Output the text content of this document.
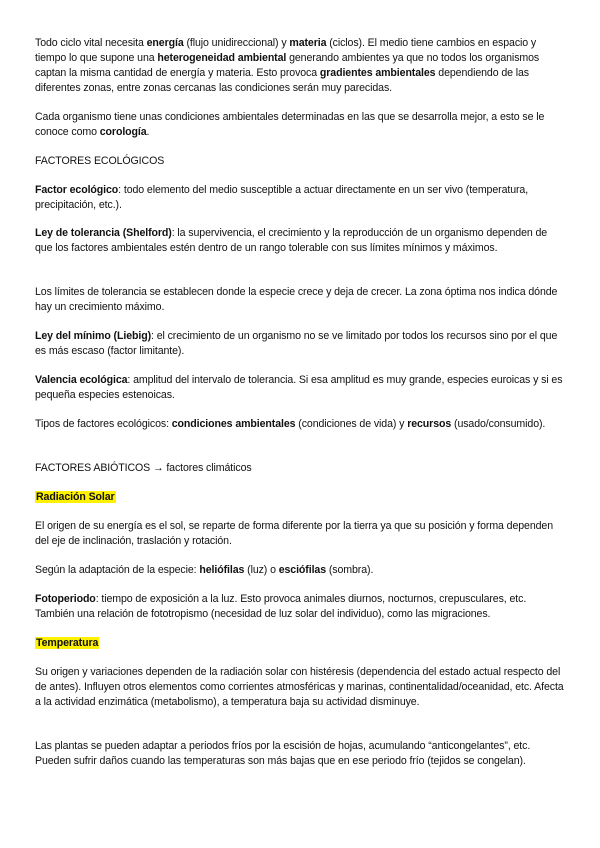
Todo ciclo vital necesita energía (flujo unidireccional) y materia (ciclos). El medio tiene cambios en espacio y tiempo lo que supone una heterogeneidad ambiental generando ambientes ya que no todos los organismos captan la misma cantidad de energía y materia. Esto provoca gradientes ambientales dependiendo de las diferentes zonas, entre zonas cercanas las condiciones serán muy parecidas.

Cada organismo tiene unas condiciones ambientales determinadas en las que se desarrolla mejor, a esto se le conoce como corología.

FACTORES ECOLÓGICOS

Factor ecológico: todo elemento del medio susceptible a actuar directamente en un ser vivo (temperatura, precipitación, etc.).

Ley de tolerancia (Shelford): la supervivencia, el crecimiento y la reproducción de un organismo dependen de que los factores ambientales estén dentro de un rango tolerable con sus límites mínimos y máximos.

Los límites de tolerancia se establecen donde la especie crece y deja de crecer. La zona óptima nos indica dónde hay un crecimiento máximo.

Ley del mínimo (Liebig): el crecimiento de un organismo no se ve limitado por todos los recursos sino por el que es más escaso (factor limitante).

Valencia ecológica: amplitud del intervalo de tolerancia. Si esa amplitud es muy grande, especies euroicas y si es pequeña especies estenoicas.

Tipos de factores ecológicos: condiciones ambientales (condiciones de vida) y recursos (usado/consumido).

FACTORES ABIÓTICOS → factores climáticos

Radiación Solar

El origen de su energía es el sol, se reparte de forma diferente por la tierra ya que su posición y forma dependen del eje de inclinación, traslación y rotación.

Según la adaptación de la especie: heliófilas (luz) o esciófilas (sombra).

Fotoperiodo: tiempo de exposición a la luz. Esto provoca animales diurnos, nocturnos, crepusculares, etc. También una relación de fototropismo (necesidad de luz solar del individuo), como las migraciones.

Temperatura

Su origen y variaciones dependen de la radiación solar con histéresis (dependencia del estado actual respecto del de antes). Influyen otros elementos como corrientes atmosféricas y marinas, continentalidad/oceanidad, etc. Afecta a la actividad enzimática (metabolismo), a temperatura baja su actividad disminuye.

Las plantas se pueden adaptar a periodos fríos por la escisión de hojas, acumulando “anticongelantes”, etc. Pueden sufrir daños cuando las temperaturas son más bajas que en ese periodo frío (tejidos se congelan).
